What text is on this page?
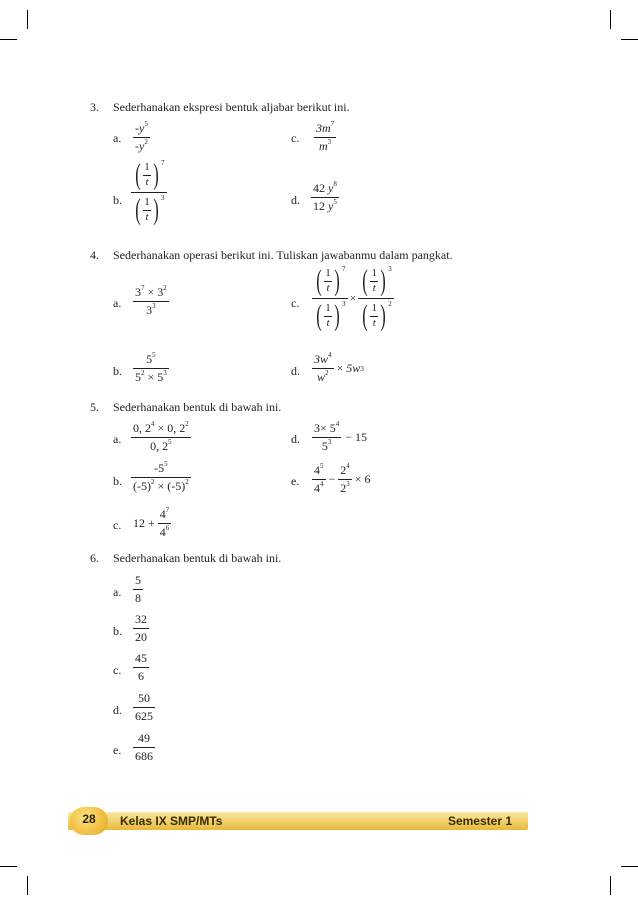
3. Sederhanakan ekspresi bentuk aljabar berikut ini.
a.
$-y^5$
$-y^2$	c.
$3m^7$
$m^3$
b.
( $\frac{1}{t}$ ) $^7$
( $\frac{1}{t}$ ) $^3$	d.
42 $y^8$
12 $y^5$
4. Sederhanakan operasi berikut ini. Tuliskan jawabanmu dalam pangkat.
a.
$3^7 \times 3^2$
$3^3$	c. $\frac{( \frac{1}{t} ) ^7}{( \frac{1}{t} ) ^3} \times \frac{( \frac{1}{t} ) ^3}{( \frac{1}{t} ) ^2}$
b.
$5^5$
$5^2 \times 5^3$	d. $\frac{3w^4}{w^2} \times 5w$ 3
5. Sederhanakan bentuk di bawah ini.
a.
0, $2^4 \times 0$, $2^2$
0, $2^5$	d. $\frac{3\times 5^4}{5^3} - 15$
b.
$-5^5$
$(-5)^2 \times (-5)^2$	e. $\frac{4^5}{4^4} - \frac{2^4}{2^3} \times 6$
c. $12 + \frac{4^7}{4^6}$
6. Sederhanakan bentuk di bawah ini.
a.
5
8
b.
32
20
c.
45
6
d.
50
625
e.
49
686
28	Kelas IX SMP/MTs	Semester 1
